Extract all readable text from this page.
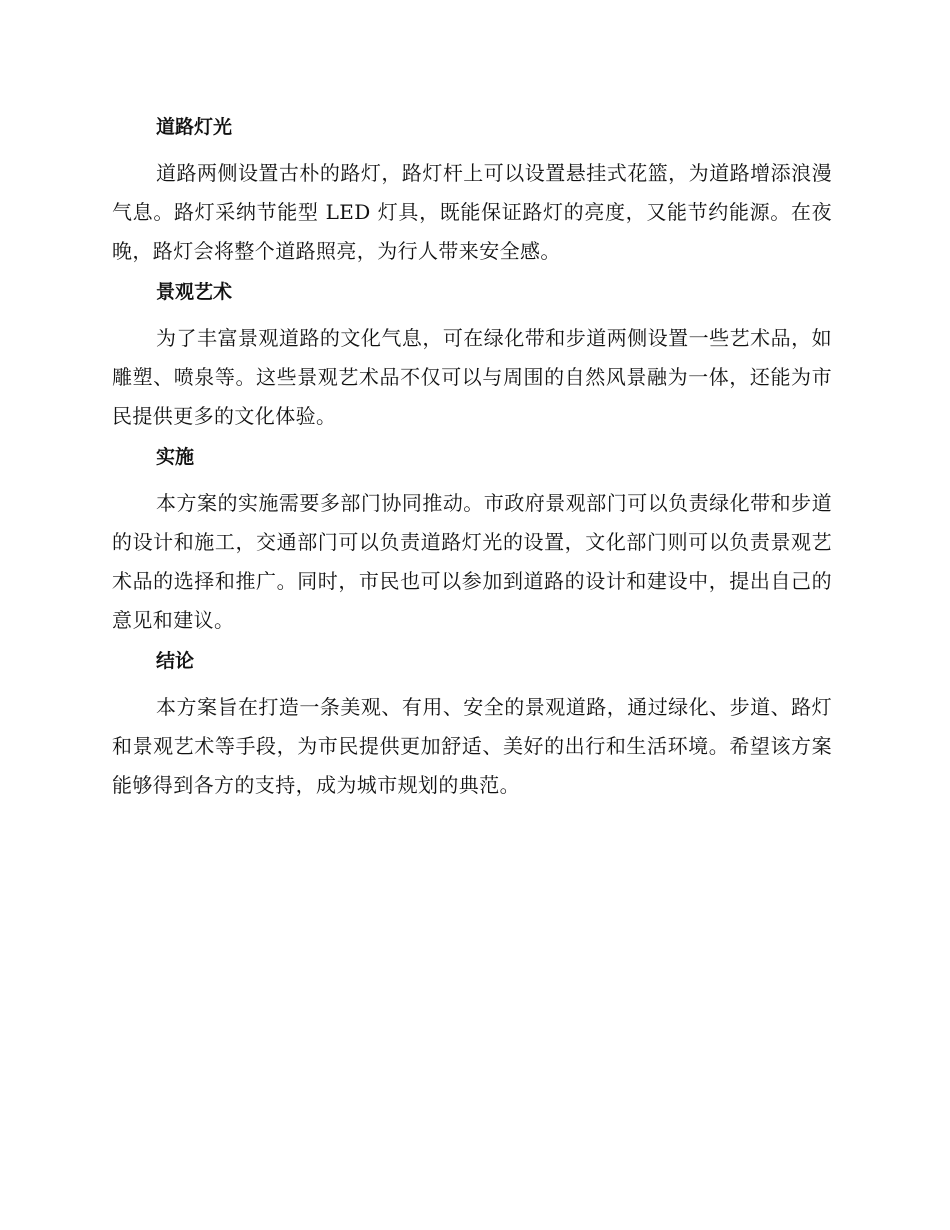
道路灯光

道路两侧设置古朴的路灯，路灯杆上可以设置悬挂式花篮，为道路增添浪漫气息。路灯采纳节能型 LED 灯具，既能保证路灯的亮度，又能节约能源。在夜晚，路灯会将整个道路照亮，为行人带来安全感。

景观艺术

为了丰富景观道路的文化气息，可在绿化带和步道两侧设置一些艺术品，如雕塑、喷泉等。这些景观艺术品不仅可以与周围的自然风景融为一体，还能为市民提供更多的文化体验。

实施

本方案的实施需要多部门协同推动。市政府景观部门可以负责绿化带和步道的设计和施工，交通部门可以负责道路灯光的设置，文化部门则可以负责景观艺术品的选择和推广。同时，市民也可以参加到道路的设计和建设中，提出自己的意见和建议。

结论

本方案旨在打造一条美观、有用、安全的景观道路，通过绿化、步道、路灯和景观艺术等手段，为市民提供更加舒适、美好的出行和生活环境。希望该方案能够得到各方的支持，成为城市规划的典范。
